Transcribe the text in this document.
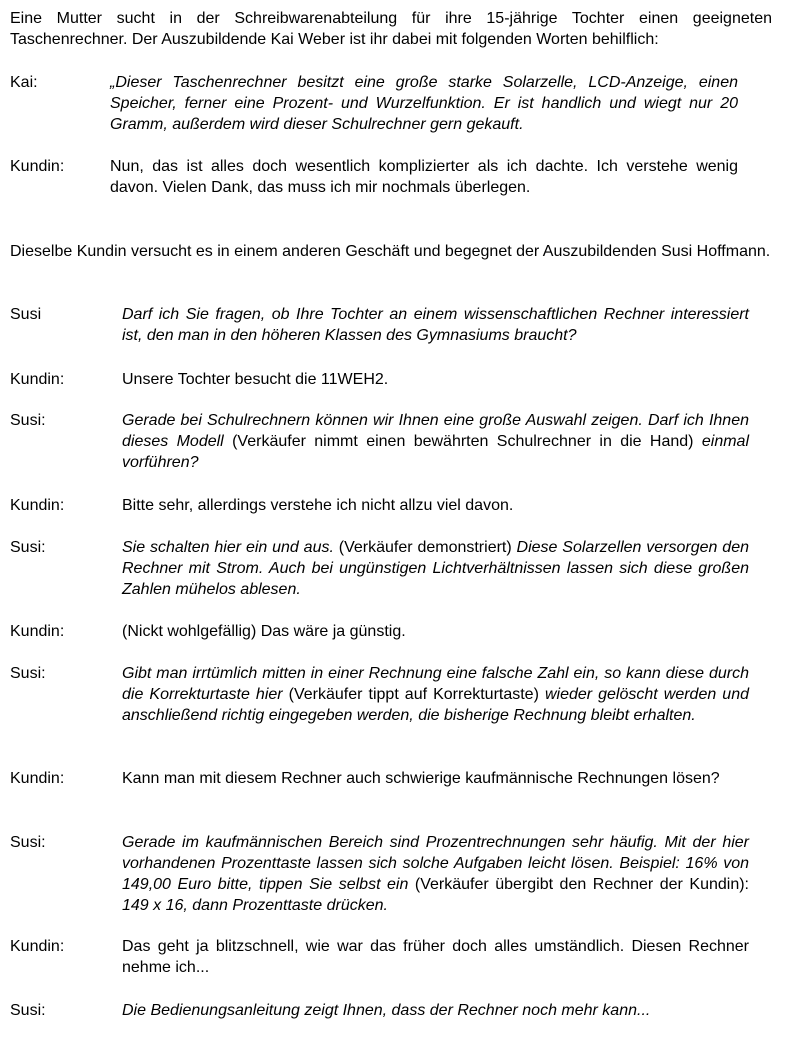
Eine Mutter sucht in der Schreibwarenabteilung für ihre 15-jährige Tochter einen geeigneten Taschenrechner. Der Auszubildende Kai Weber ist ihr dabei mit folgenden Worten behilflich:
Kai:	„Dieser Taschenrechner besitzt eine große starke Solarzelle, LCD-Anzeige, einen Speicher, ferner eine Prozent- und Wurzelfunktion. Er ist handlich und wiegt nur 20 Gramm, außerdem wird dieser Schulrechner gern gekauft.
Kundin:	Nun, das ist alles doch wesentlich komplizierter als ich dachte. Ich verstehe wenig davon. Vielen Dank, das muss ich mir nochmals überlegen.
Dieselbe Kundin versucht es in einem anderen Geschäft und begegnet der Auszubildenden Susi Hoffmann.
Susi	Darf ich Sie fragen, ob Ihre Tochter an einem wissenschaftlichen Rechner interessiert ist, den man in den höheren Klassen des Gymnasiums braucht?
Kundin:	Unsere Tochter besucht die 11WEH2.
Susi:	Gerade bei Schulrechnern können wir Ihnen eine große Auswahl zeigen. Darf ich Ihnen dieses Modell (Verkäufer nimmt einen bewährten Schulrechner in die Hand) einmal vorführen?
Kundin:	Bitte sehr, allerdings verstehe ich nicht allzu viel davon.
Susi:	Sie schalten hier ein und aus. (Verkäufer demonstriert) Diese Solarzellen versorgen den Rechner mit Strom. Auch bei ungünstigen Lichtverhältnissen lassen sich diese großen Zahlen mühelos ablesen.
Kundin:	(Nickt wohlgefällig) Das wäre ja günstig.
Susi:	Gibt man irrtümlich mitten in einer Rechnung eine falsche Zahl ein, so kann diese durch die Korrekturtaste hier (Verkäufer tippt auf Korrekturtaste) wieder gelöscht werden und anschließend richtig eingegeben werden, die bisherige Rechnung bleibt erhalten.
Kundin:	Kann man mit diesem Rechner auch schwierige kaufmännische Rechnungen lösen?
Susi:	Gerade im kaufmännischen Bereich sind Prozentrechnungen sehr häufig. Mit der hier vorhandenen Prozenttaste lassen sich solche Aufgaben leicht lösen. Beispiel: 16% von 149,00 Euro bitte, tippen Sie selbst ein (Verkäufer übergibt den Rechner der Kundin): 149 x 16, dann Prozenttaste drücken.
Kundin:	Das geht ja blitzschnell, wie war das früher doch alles umständlich. Diesen Rechner nehme ich...
Susi:	Die Bedienungsanleitung zeigt Ihnen, dass der Rechner noch mehr kann...
